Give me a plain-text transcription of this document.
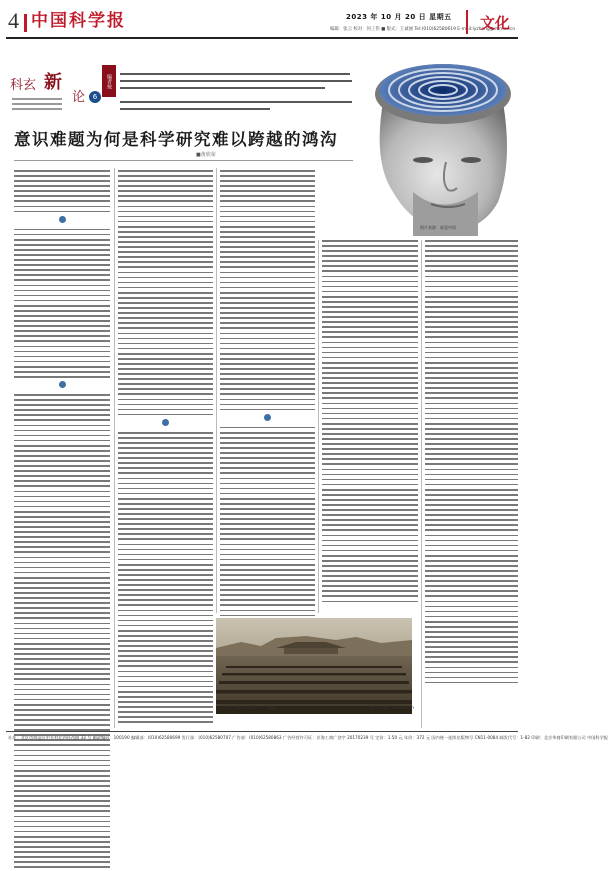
4 中国科学报	2023 年 10 月 20 日 星期五
编辑：张云 校对：何工伟 ■ 版式：王诚丽 Tel:(010)62580619 E-mail:lyzhang@stimes.cn
文化
科玄 新
论	6
编者按
意识难题为何是科学研究难以跨越的鸿沟
■黄欣荣
图片来源：视觉中国
《启明》图片来源的一个画面。	图片来源：Unsplash
社址：北京市海淀区中关村北四环西路 33 号 邮政编码：100190 编辑部：(010)62580699 发行部：(010)62580707 广告部：(010)62580863 广告经营许可证：京海工商广登字 20170239 号 定价：1.50 元 年价：372 元 国内统一连续出版物号 CN11-0084 邮发代号：1-82 印刷：北京华商印刷有限公司 中国科学报
